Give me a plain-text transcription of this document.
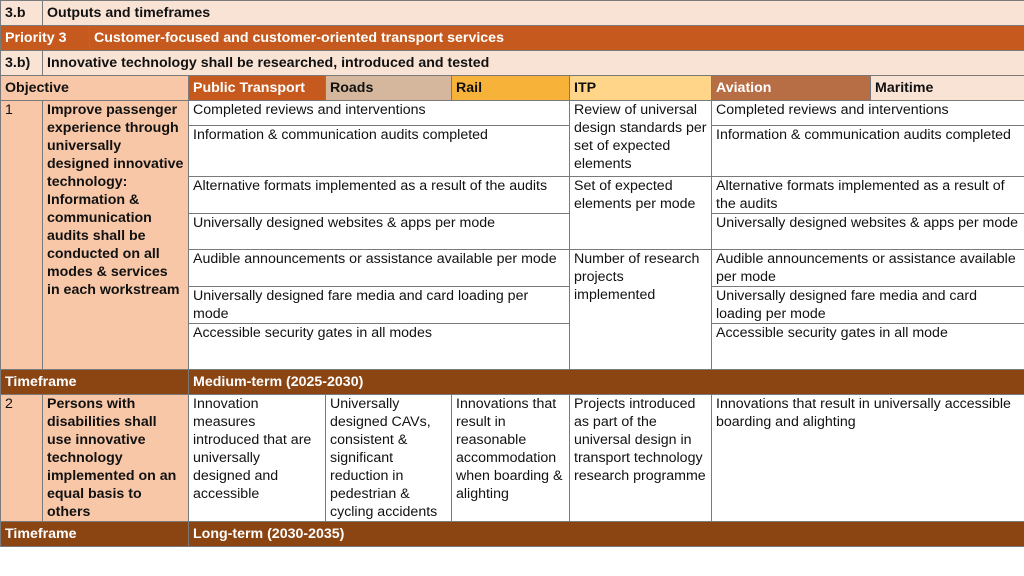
3.b	Outputs and timeframes							
Priority 3		Customer-focused and customer-oriented transport services						
3.b)	Innovative technology shall be researched, introduced and tested							
Objective			Public Transport	Roads	Rail	ITP	Aviation	Maritime
1	Improve passenger experience through universally designed innovative technology: Information & communication audits shall be conducted on all modes & services in each workstream		Completed reviews and interventions			Review of universal design standards per set of expected elements	Completed reviews and interventions	
			Information & communication audits completed				Information & communication audits completed	
			Alternative formats implemented as a result of the audits			Set of expected elements per mode	Alternative formats implemented as a result of the audits	
			Universally designed websites & apps per mode				Universally designed websites & apps per mode	
			Audible announcements or assistance available per mode			Number of research projects implemented	Audible announcements or assistance available per mode	
			Universally designed fare media and card loading per mode				Universally designed fare media and card loading per mode	
			Accessible security gates in all modes				Accessible security gates in all mode	
Timeframe			Medium-term (2025-2030)					
2	Persons with disabilities shall use innovative technology implemented on an equal basis to others		Innovation measures introduced that are universally designed and accessible	Universally designed CAVs, consistent & significant reduction in pedestrian & cycling accidents	Innovations that result in reasonable accommodation when boarding & alighting	Projects introduced as part of the universal design in transport technology research programme	Innovations that result in universally accessible boarding and alighting	
Timeframe			Long-term (2030-2035)					
